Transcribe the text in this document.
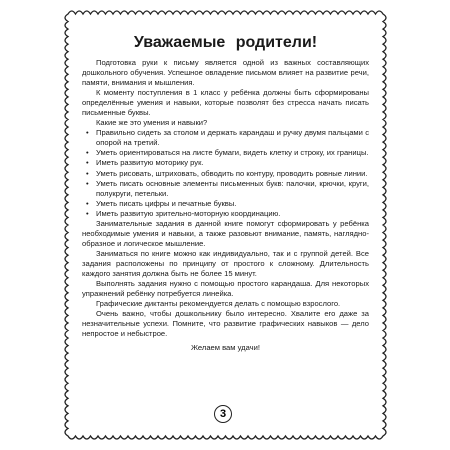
Уважаемые родители!

Подготовка руки к письму является одной из важных составляющих дошкольного обучения. Успешное овладение письмом влияет на развитие речи, памяти, внимания и мышления.

К моменту поступления в 1 класс у ребёнка должны быть сформированы определённые умения и навыки, которые позволят без стресса начать писать письменные буквы.

Какие же это умения и навыки?

• Правильно сидеть за столом и держать карандаш и ручку двумя пальцами с опорой на третий.
• Уметь ориентироваться на листе бумаги, видеть клетку и строку, их границы.
• Иметь развитую моторику рук.
• Уметь рисовать, штриховать, обводить по контуру, проводить ровные линии.
• Уметь писать основные элементы письменных букв: палочки, крючки, круги, полукруги, петельки.
• Уметь писать цифры и печатные буквы.
• Иметь развитую зрительно-моторную координацию.

Занимательные задания в данной книге помогут сформировать у ребёнка необходимые умения и навыки, а также разовьют внимание, память, наглядно-образное и логическое мышление.

Заниматься по книге можно как индивидуально, так и с группой детей. Все задания расположены по принципу от простого к сложному. Длительность каждого занятия должна быть не более 15 минут.

Выполнять задания нужно с помощью простого карандаша. Для некоторых упражнений ребёнку потребуется линейка.

Графические диктанты рекомендуется делать с помощью взрослого.

Очень важно, чтобы дошкольнику было интересно. Хвалите его даже за незначительные успехи. Помните, что развитие графических навыков — дело непростое и небыстрое.

Желаем вам удачи!

3
